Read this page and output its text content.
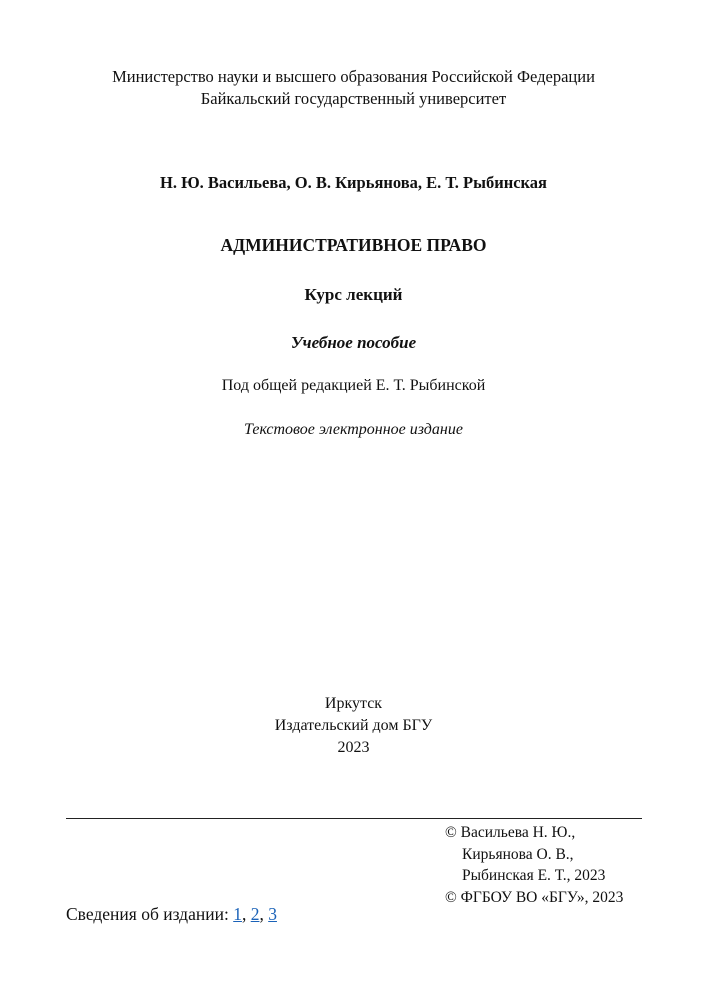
Министерство науки и высшего образования Российской Федерации
Байкальский государственный университет
Н. Ю. Васильева, О. В. Кирьянова, Е. Т. Рыбинская
АДМИНИСТРАТИВНОЕ ПРАВО
Курс лекций
Учебное пособие
Под общей редакцией Е. Т. Рыбинской
Текстовое электронное издание
Иркутск
Издательский дом БГУ
2023
© Васильева Н. Ю.,
Кирьянова О. В.,
Рыбинская Е. Т., 2023
© ФГБОУ ВО «БГУ», 2023
Сведения об издании: 1, 2, 3
